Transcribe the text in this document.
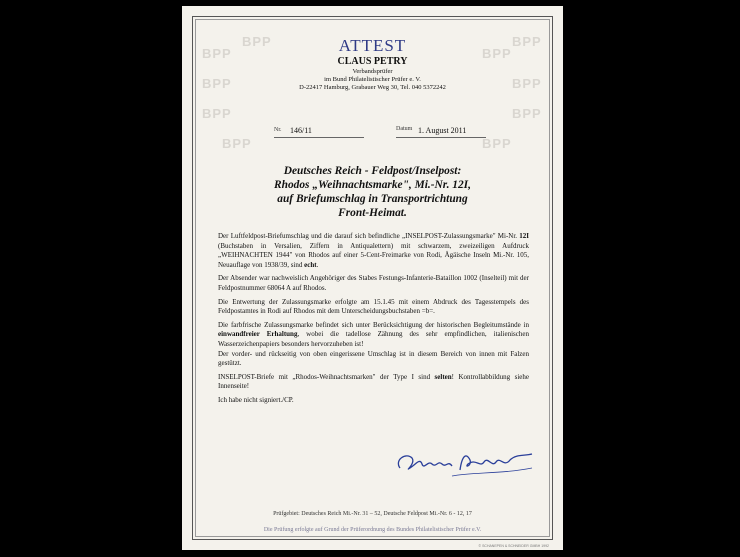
BPP
BPP
BPP
BPP
BPP	BPP
BPP	BPP
BPP	BPP
ATTEST
CLAUS PETRY
Verbandsprüfer
im Bund Philatelistischer Prüfer e. V.
D-22417 Hamburg, Grabauer Weg 30, Tel. 040 5372242
Nr. 146/11	Datum 1. August 2011
Deutsches Reich - Feldpost/Inselpost:
Rhodos „Weihnachtsmarke", Mi.-Nr. 12I,
auf Briefumschlag in Transportrichtung
Front-Heimat.

Der Luftfeldpost-Briefumschlag und die darauf sich befindliche „INSELPOST-Zulassungsmarke" Mi-Nr. 12I (Buchstaben in Versalien, Ziffern in Antiqualettern) mit schwarzem, zweizeiligen Aufdruck „WEIHNACHTEN 1944" von Rhodos auf einer 5-Cent-Freimarke von Rodi, Ägäische Inseln Mi.-Nr. 105, Neuauflage von 1938/39, sind echt.

Der Absender war nachweislich Angehöriger des Stabes Festungs-Infanterie-Bataillon 1002 (Inselteil) mit der Feldpostnummer 68064 A auf Rhodos.

Die Entwertung der Zulassungsmarke erfolgte am 15.1.45 mit einem Abdruck des Tagesstempels des Feldpostamtes in Rodi auf Rhodos mit dem Unterscheidungsbuchstaben =b=.

Die farbfrische Zulassungsmarke befindet sich unter Berücksichtigung der historischen Begleitumstände in einwandfreier Erhaltung, wobei die tadellose Zähnung des sehr empfindlichen, italienischen Wasserzeichenpapiers besonders hervorzuheben ist!

Der vorder- und rückseitig von oben eingerissene Umschlag ist in diesem Bereich von innen mit Falzen gestützt.

INSELPOST-Briefe mit „Rhodos-Weihnachtsmarken" der Type I sind selten! Kontrollabbildung siehe Innenseite!

Ich habe nicht signiert./CP.

Prüfgebiet: Deutsches Reich Mi.-Nr. 31 – 52, Deutsche Feldpost Mi.-Nr. 6 - 12, 17
Die Prüfung erfolgte auf Grund der Prüferordnung des Bundes Philatelistischer Prüfer e.V.
© SCHANEPEN & SCHNEIDER GMBH 1992
